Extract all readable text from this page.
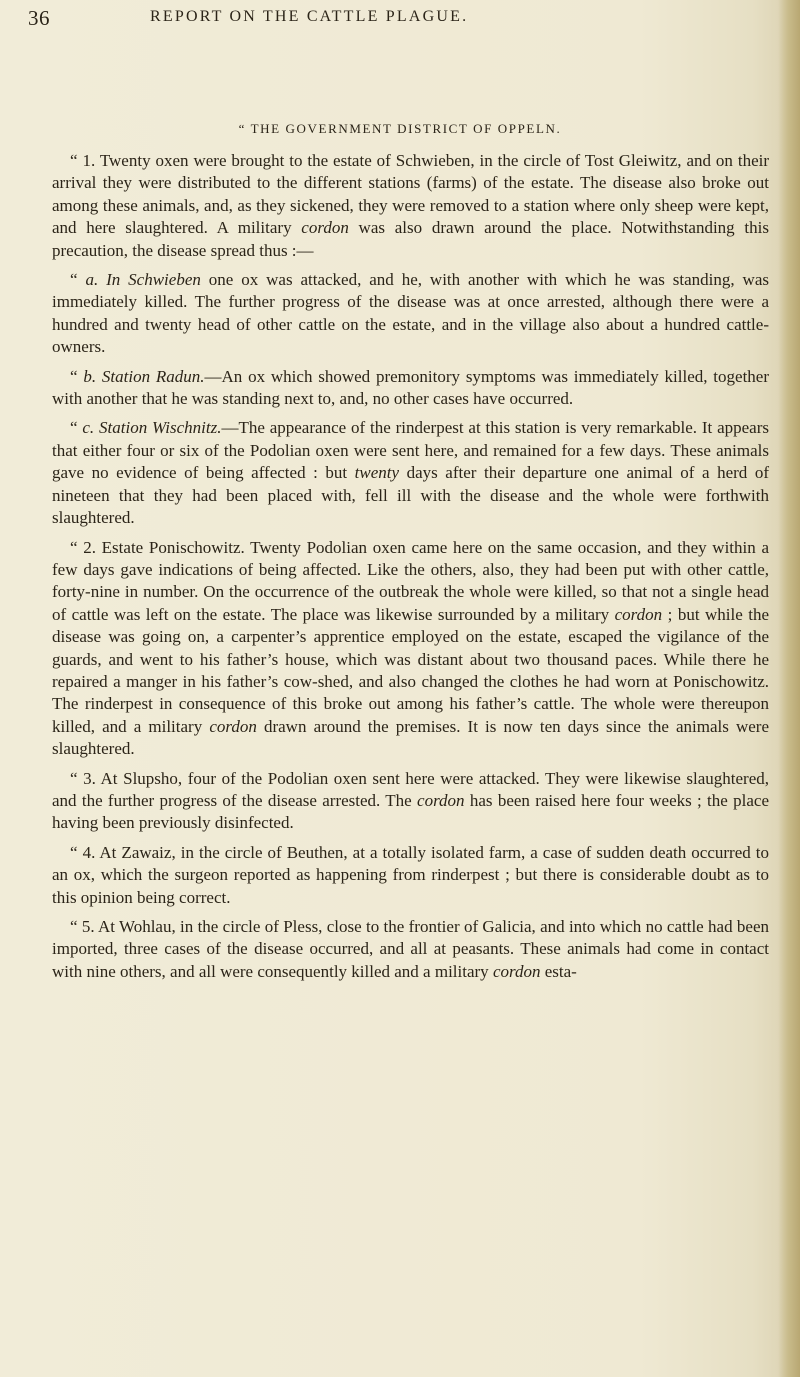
36	REPORT ON THE CATTLE PLAGUE.
“ THE GOVERNMENT DISTRICT OF OPPELN.

“ 1. Twenty oxen were brought to the estate of Schwieben, in the circle of Tost Gleiwitz, and on their arrival they were distributed to the different stations (farms) of the estate. The disease also broke out among these animals, and, as they sickened, they were removed to a station where only sheep were kept, and here slaughtered. A military cordon was also drawn around the place. Notwithstanding this precaution, the disease spread thus :—

“ a. In Schwieben one ox was attacked, and he, with another with which he was standing, was immediately killed. The further progress of the disease was at once arrested, although there were a hundred and twenty head of other cattle on the estate, and in the village also about a hundred cattle-owners.

“ b. Station Radun.—An ox which showed premonitory symptoms was immediately killed, together with another that he was standing next to, and, no other cases have occurred.

“ c. Station Wischnitz.—The appearance of the rinderpest at this station is very remarkable. It appears that either four or six of the Podolian oxen were sent here, and remained for a few days. These animals gave no evidence of being affected : but twenty days after their departure one animal of a herd of nineteen that they had been placed with, fell ill with the disease and the whole were forthwith slaughtered.

“ 2. Estate Ponischowitz. Twenty Podolian oxen came here on the same occasion, and they within a few days gave indications of being affected. Like the others, also, they had been put with other cattle, forty-nine in number. On the occurrence of the outbreak the whole were killed, so that not a single head of cattle was left on the estate. The place was likewise surrounded by a military cordon ; but while the disease was going on, a carpenter’s apprentice employed on the estate, escaped the vigilance of the guards, and went to his father’s house, which was distant about two thousand paces. While there he repaired a manger in his father’s cow-shed, and also changed the clothes he had worn at Ponischowitz. The rinderpest in consequence of this broke out among his father’s cattle. The whole were thereupon killed, and a military cordon drawn around the premises. It is now ten days since the animals were slaughtered.

“ 3. At Slupsho, four of the Podolian oxen sent here were attacked. They were likewise slaughtered, and the further progress of the disease arrested. The cordon has been raised here four weeks ; the place having been previously disinfected.

“ 4. At Zawaiz, in the circle of Beuthen, at a totally isolated farm, a case of sudden death occurred to an ox, which the surgeon reported as happening from rinderpest ; but there is considerable doubt as to this opinion being correct.

“ 5. At Wohlau, in the circle of Pless, close to the frontier of Galicia, and into which no cattle had been imported, three cases of the disease occurred, and all at peasants. These animals had come in contact with nine others, and all were consequently killed and a military cordon esta-
